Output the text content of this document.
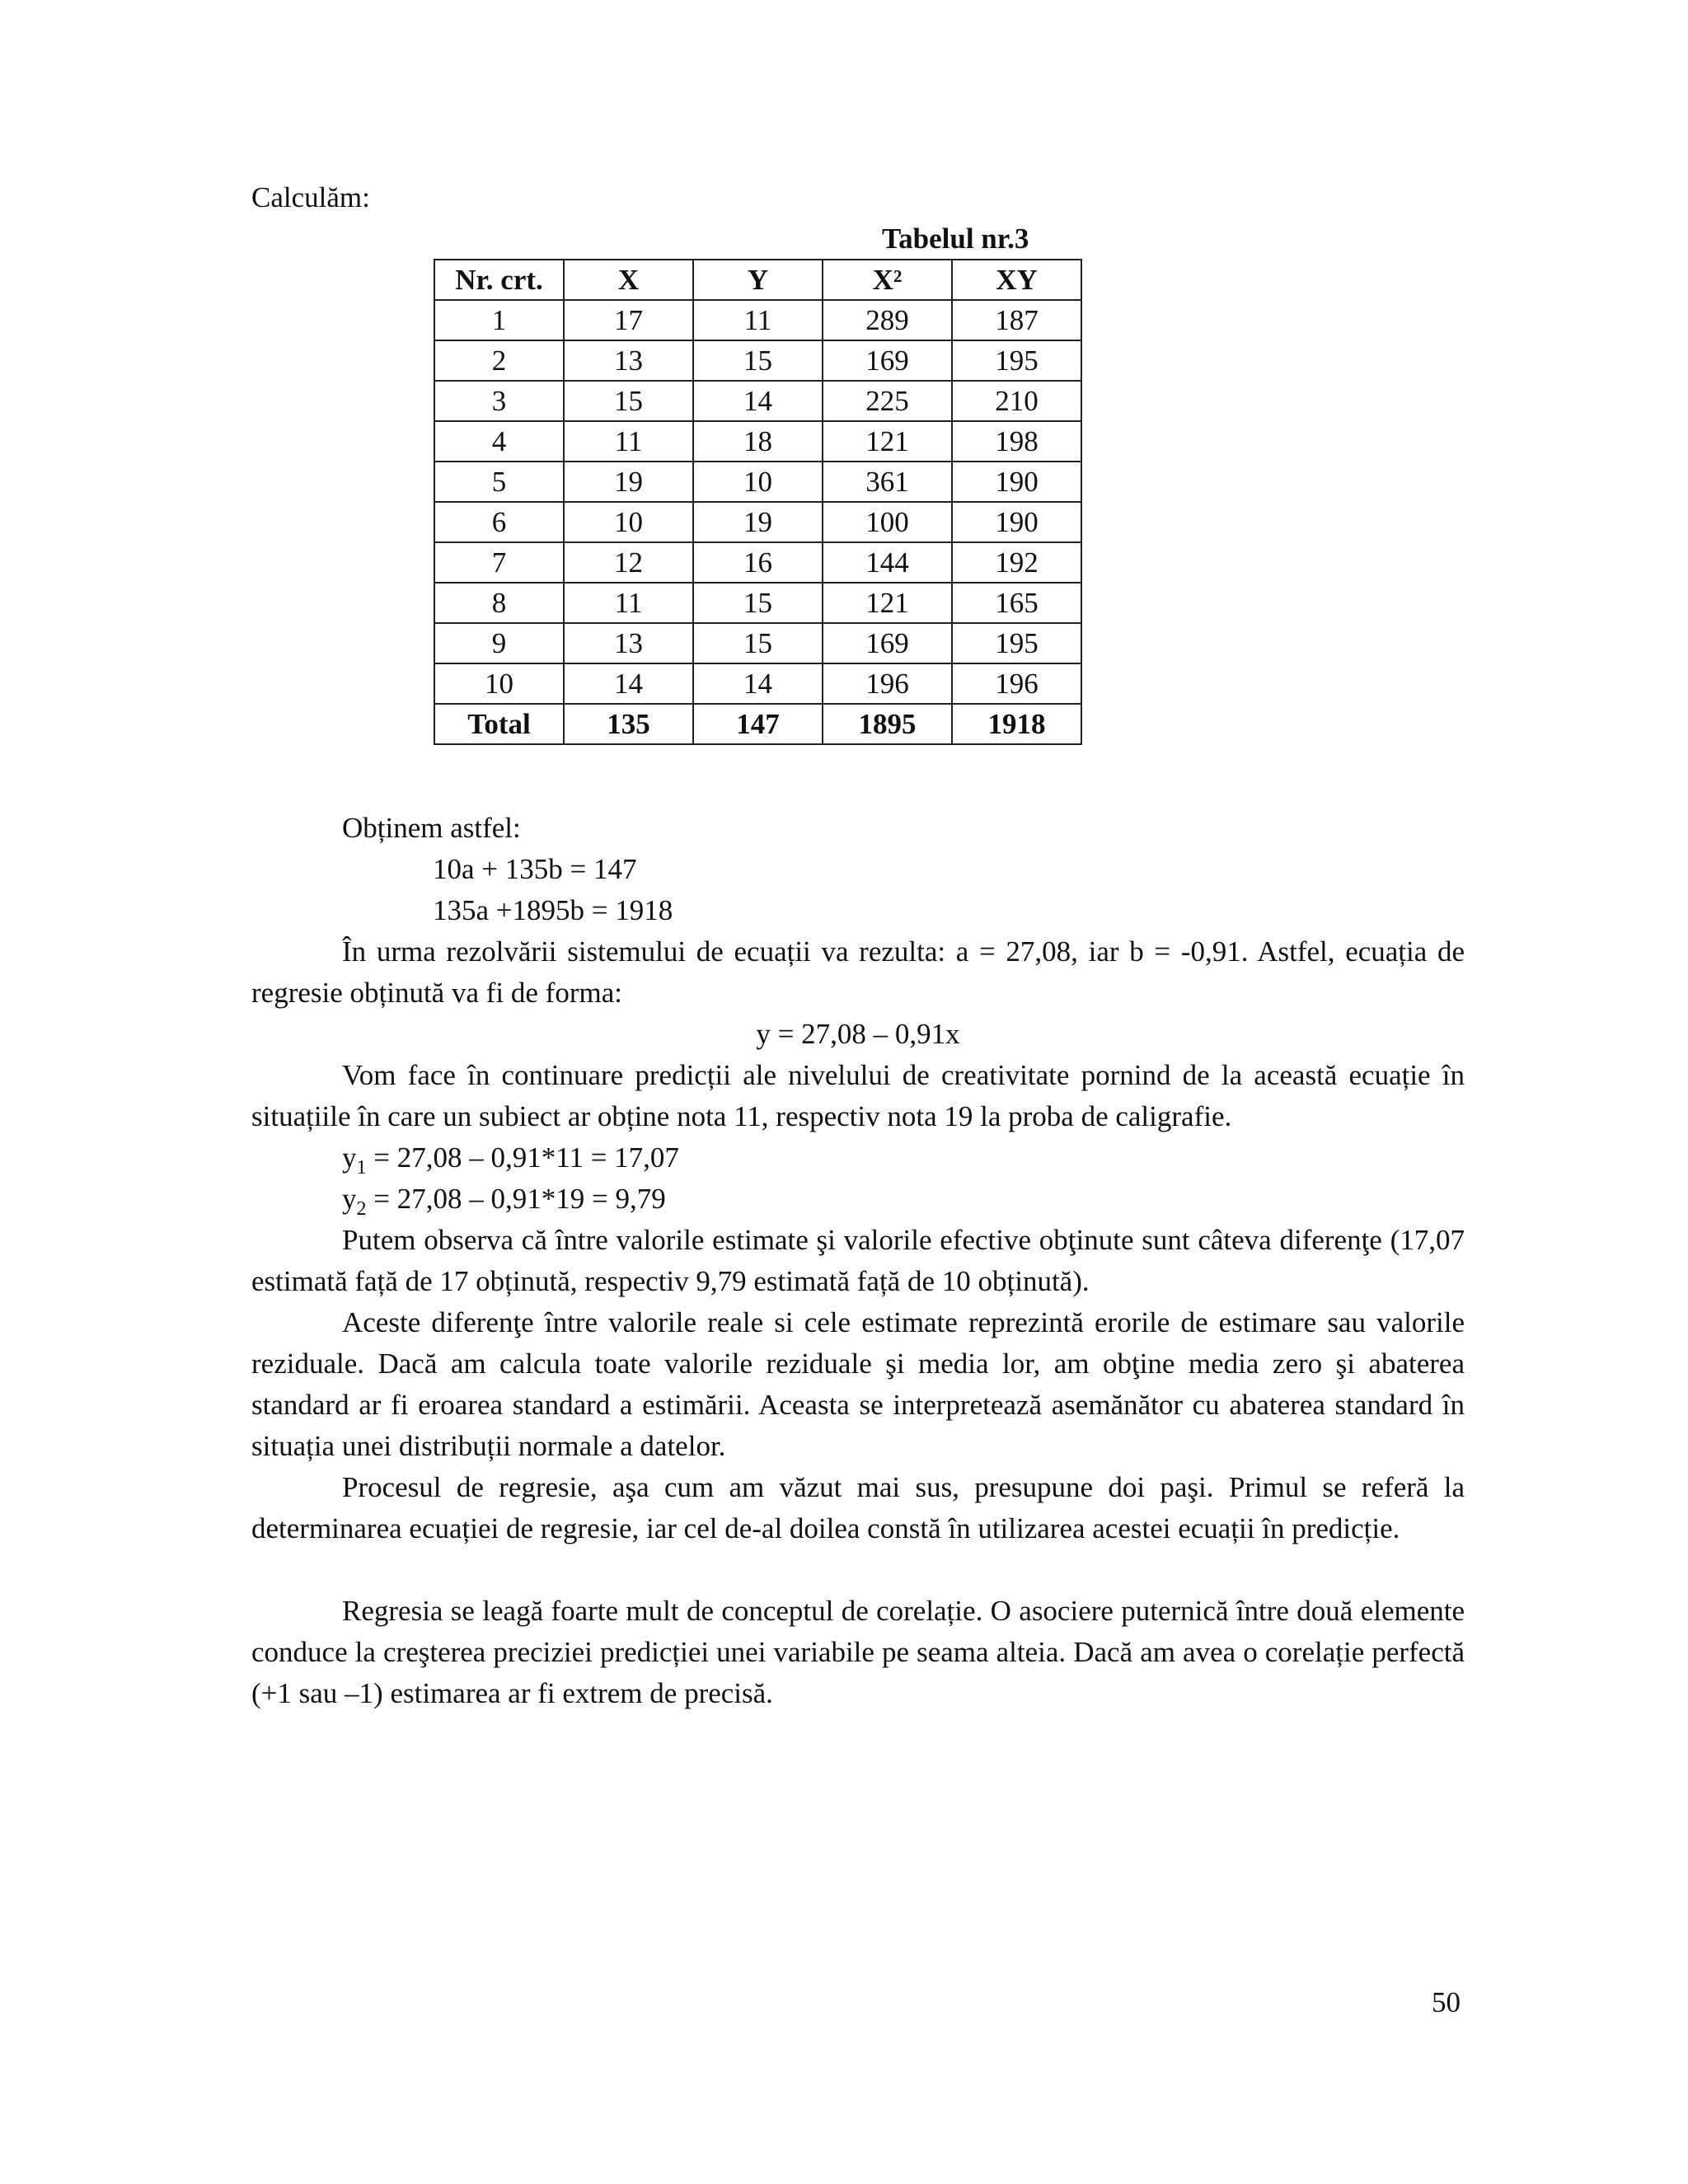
Calculăm:
Tabelul nr.3
Nr. crt.	X	Y	X²	XY
1	17	11	289	187
2	13	15	169	195
3	15	14	225	210
4	11	18	121	198
5	19	10	361	190
6	10	19	100	190
7	12	16	144	192
8	11	15	121	165
9	13	15	169	195
10	14	14	196	196
Total	135	147	1895	1918
Obținem astfel:
10a + 135b = 147
135a +1895b = 1918
În urma rezolvării sistemului de ecuații va rezulta: a = 27,08, iar b = -0,91. Astfel, ecuația de regresie obținută va fi de forma:
y = 27,08 – 0,91x
Vom face în continuare predicții ale nivelului de creativitate pornind de la această ecuație în situațiile în care un subiect ar obține nota 11, respectiv nota 19 la proba de caligrafie.
$y_1 = 27,08 - 0,91*11 = 17,07$
$y_2 = 27,08 - 0,91*19 = 9,79$
Putem observa că între valorile estimate şi valorile efective obţinute sunt câteva diferenţe (17,07 estimată față de 17 obținută, respectiv 9,79 estimată față de 10 obținută).
Aceste diferenţe între valorile reale si cele estimate reprezintă erorile de estimare sau valorile reziduale. Dacă am calcula toate valorile reziduale şi media lor, am obţine media zero şi abaterea standard ar fi eroarea standard a estimării. Aceasta se interpretează asemănător cu abaterea standard în situația unei distribuții normale a datelor.
Procesul de regresie, aşa cum am văzut mai sus, presupune doi paşi. Primul se referă la determinarea ecuației de regresie, iar cel de-al doilea constă în utilizarea acestei ecuații în predicție.
Regresia se leagă foarte mult de conceptul de corelație. O asociere puternică între două elemente conduce la creşterea preciziei predicției unei variabile pe seama alteia. Dacă am avea o corelație perfectă (+1 sau –1) estimarea ar fi extrem de precisă.
50
